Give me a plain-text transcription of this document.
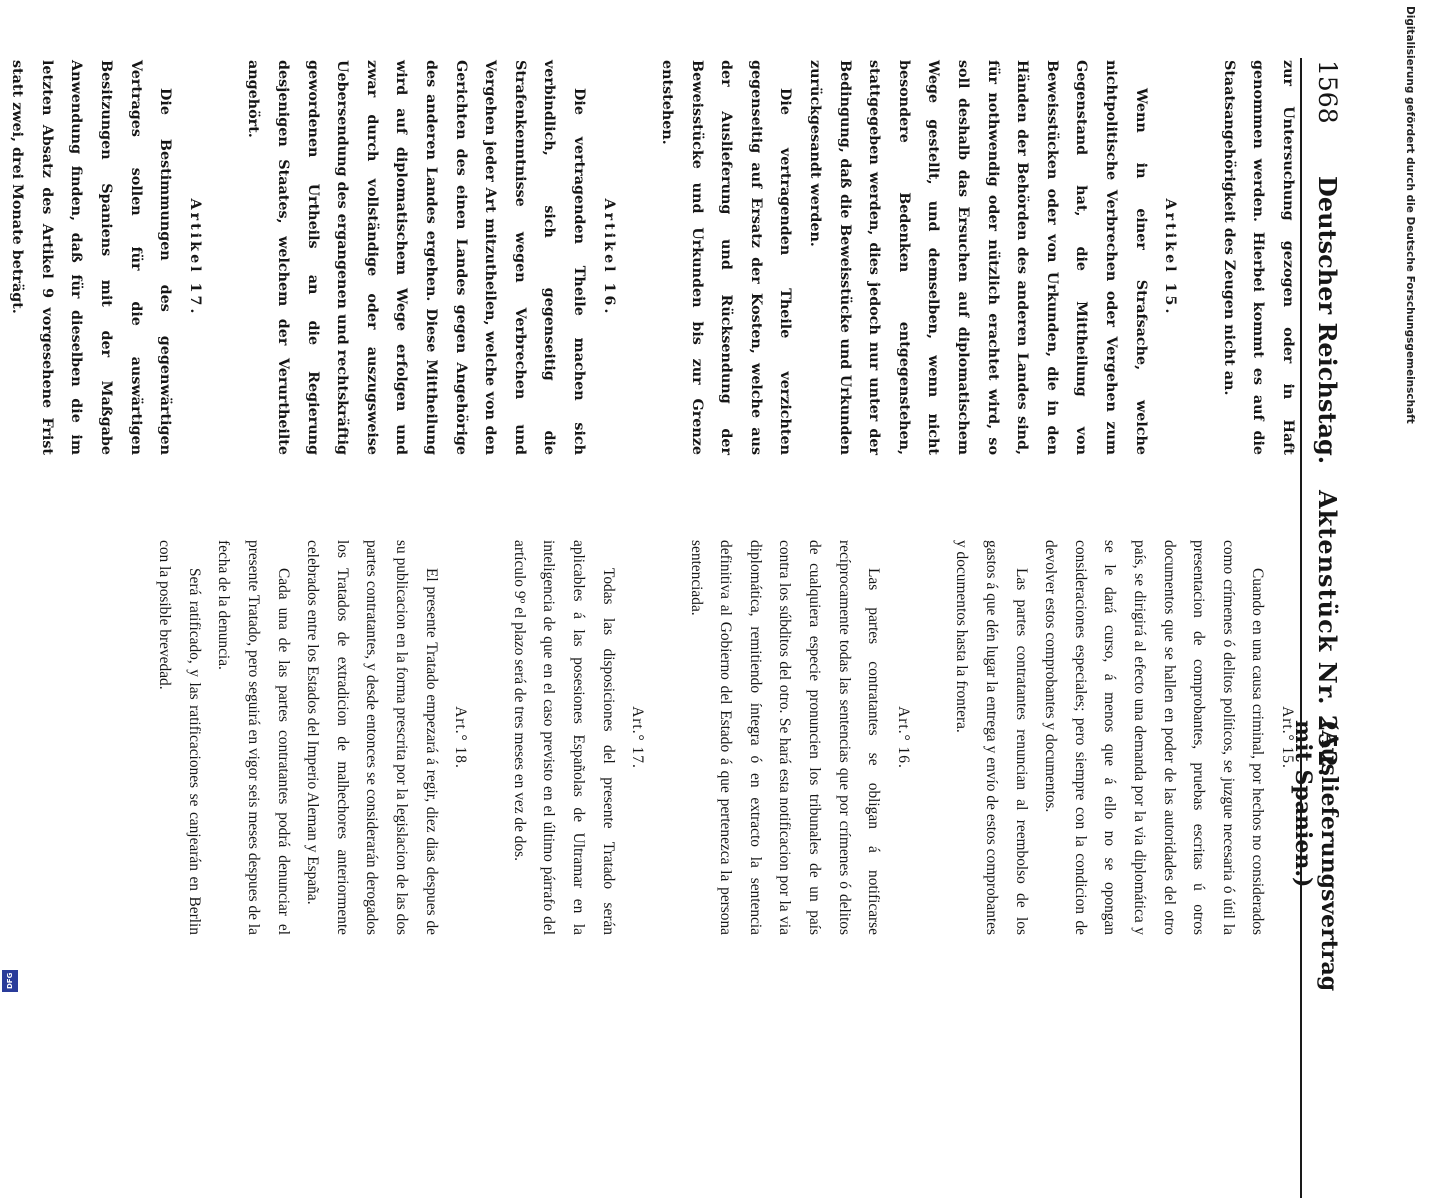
Digitalisierung gefördert durch die Deutsche Forschungsgemeinschaft
1568
Deutscher Reichstag.
Aktenstück Nr. 252.
(Auslieferungsvertrag mit Spanien.)

zur Untersuchung gezogen oder in Haft genommen werden. Hierbei kommt es auf die Staatsangehörigkeit des Zeugen nicht an.

Artikel 15.

Wenn in einer Strafsache, welche nichtpolitische Verbrechen oder Vergehen zum Gegenstand hat, die Mittheilung von Beweisstücken oder von Urkunden, die in den Händen der Behörden des anderen Landes sind, für nothwendig oder nützlich erachtet wird, so soll deshalb das Ersuchen auf diplomatischem Wege gestellt, und demselben, wenn nicht besondere Bedenken entgegenstehen, stattgegeben werden, dies jedoch nur unter der Bedingung, daß die Beweisstücke und Urkunden zurückgesandt werden.

Die vertragenden Theile verzichten gegenseitig auf Ersatz der Kosten, welche aus der Auslieferung und Rücksendung der Beweisstücke und Urkunden bis zur Grenze entstehen.

Artikel 16.

Die vertragenden Theile machen sich verbindlich, sich gegenseitig die Strafenkenntnisse wegen Verbrechen und Vergehen jeder Art mitzutheilen, welche von den Gerichten des einen Landes gegen Angehörige des anderen Landes ergehen. Diese Mittheilung wird auf diplomatischem Wege erfolgen und zwar durch vollständige oder auszugsweise Uebersendung des ergangenen und rechtskräftig gewordenen Urtheils an die Regierung desjenigen Staates, welchem der Verurtheilte angehört.

Artikel 17.

Die Bestimmungen des gegenwärtigen Vertrages sollen für die auswärtigen Besitzungen Spaniens mit der Maßgabe Anwendung finden, daß für dieselben die im letzten Absatz des Artikel 9 vorgesehene Frist statt zwei, drei Monate beträgt.

Art.° 15.

Cuando en una causa criminal, por hechos no considerados como crímenes ó delitos políticos, se juzgue necesaria ó útil la presentacion de comprobantes, pruebas escritas ú otros documentos que se hallen en poder de las autoridades del otro país, se dirigirá al efecto una demanda por la via diplomática y se le dará curso, á menos que á ello no se opongan consideraciones especiales; pero siempre con la condicion de devolver estos comprobantes y documentos.

Las partes contratantes renuncian al reembolso de los gastos á que dén lugar la entrega y envío de estos comprobantes y documentos hasta la frontera.

Art.° 16.

Las partes contratantes se obligan á notificarse recíprocamente todas las sentencias que por crímenes ó delitos de cualquiera especie pronuncien los tribunales de un país contra los súbditos del otro. Se hará esta notificacion por la via diplomática, remitiendo íntegra ó en extracto la sentencia definitiva al Gobierno del Estado á que pertenezca la persona sentenciada.

Art.° 17.

Todas las disposiciones del presente Tratado serán aplicables á las posesiones Españolas de Ultramar en la inteligencia de que en el caso previsto en el último párrafo del artículo 9º el plazo será de tres meses en vez de dos.

Art.° 18.

El presente Tratado empezará á regir, diez dias despues de su publicacion en la forma prescrita por la legislacion de las dos partes contratantes, y desde entonces se considerarán derogados los Tratados de extradicion de malhechores anteriormente celebrados entre los Estados del Imperio Aleman y España.

Cada una de las partes contratantes podrá denunciar el presente Tratado, pero seguirá en vigor seis meses despues de la fecha de la denuncia.

Será ratificado, y las ratificaciones se canjearán en Berlin con la posible brevedad.

DFG
